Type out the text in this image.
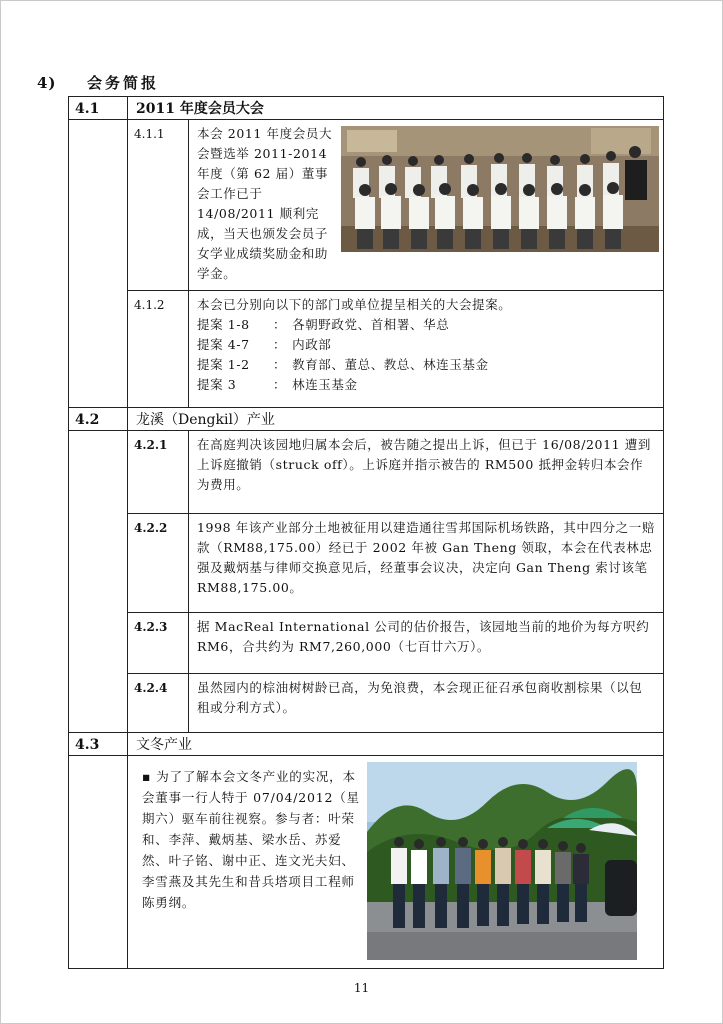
4) 会务简报
4.1	2011 年度会员大会	
	4.1.1	本会 2011 年度会员大会暨选举 2011-2014 年度（第 62 届）董事会工作已于 14/08/2011 顺利完成，当天也颁发会员子女学业成绩奖励金和助学金。
	4.1.2	本会已分别向以下的部门或单位提呈相关的大会提案。
提案 1-8 ： 各朝野政党、首相署、华总
提案 4-7 ： 内政部
提案 1-2 ： 教育部、董总、教总、林连玉基金
提案 3 ： 林连玉基金

4.2	龙溪（Dengkil）产业	
	4.2.1	在高庭判决该园地归属本会后，被告随之提出上诉，但已于 16/08/2011 遭到上诉庭撤销（struck off）。上诉庭并指示被告的 RM500 抵押金转归本会作为费用。
	4.2.2	1998 年该产业部分土地被征用以建造通往雪邦国际机场铁路，其中四分之一赔款（RM88,175.00）经已于 2002 年被 Gan Theng 领取，本会在代表林忠强及戴炳基与律师交换意见后，经董事会议决，决定向 Gan Theng 索讨该笔 RM88,175.00。
	4.2.3	据 MacReal International 公司的估价报告，该园地当前的地价为每方呎约 RM6，合共约为 RM7,260,000（七百廿六万）。
	4.2.4	虽然园内的棕油树树龄已高，为免浪费，本会现正征召承包商收割棕果（以包租或分利方式）。
4.3	文冬产业	

	▪ 为了了解本会文冬产业的实况，本会董事一行人特于 07/04/2012（星期六）驱车前往视察。参与者：叶荣和、李萍、戴炳基、梁水岳、苏爱然、叶子铭、谢中正、连文光夫妇、李雪燕及其先生和昔兵塔项目工程师陈勇纲。
11
